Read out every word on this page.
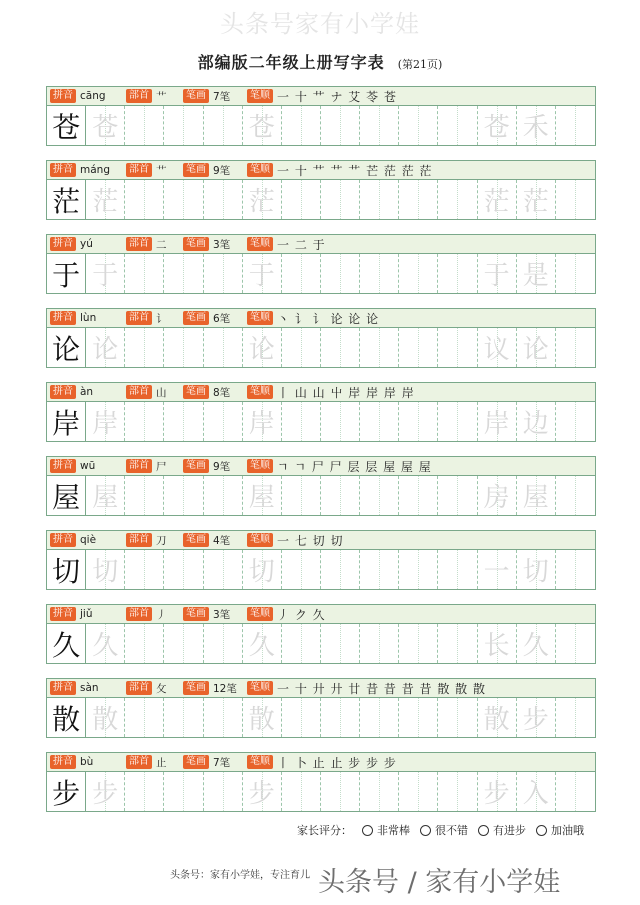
头条号家有小学娃
部编版二年级上册写字表 (第21页)
拼音 cāng	部首 艹	笔画 7笔	笔顺 一 十 艹 ナ 艾 苓 苍
苍 苍	苍	苍 禾
拼音 máng	部首 艹	笔画 9笔	笔顺 一 十 艹 艹 艹 芒 茫 茫 茫
茫 茫	茫	茫 茫
拼音 yú	部首 二	笔画 3笔	笔顺 一 二 于
于 于	于	于 是
拼音 lùn	部首 讠	笔画 6笔	笔顺 丶 讠 讠 论 论 论
论 论	论	议 论
拼音 àn	部首 山	笔画 8笔	笔顺 丨 山 山 屮 岸 岸 岸 岸
岸 岸	岸	岸 边
拼音 wū	部首 尸	笔画 9笔	笔顺 ㄱ ㄱ 尸 尸 层 层 屋 屋 屋
屋 屋	屋	房 屋
拼音 qiè	部首 刀	笔画 4笔	笔顺 一 七 切 切
切 切	切	一 切
拼音 jiǔ	部首 丿	笔画 3笔	笔顺 丿 ク 久
久 久	久	长 久
拼音 sàn	部首 攵	笔画 12笔	笔顺 一 十 廾 廾 廿 昔 昔 昔 昔 散 散 散
散 散	散	散 步
拼音 bù	部首 止	笔画 7笔	笔顺 丨 卜 止 止 步 步 步
步 步	步	步 入
家长评分： 非常棒 很不错 有进步 加油哦
头条号：家有小学娃，专注育儿 头条号 / 家有小学娃
